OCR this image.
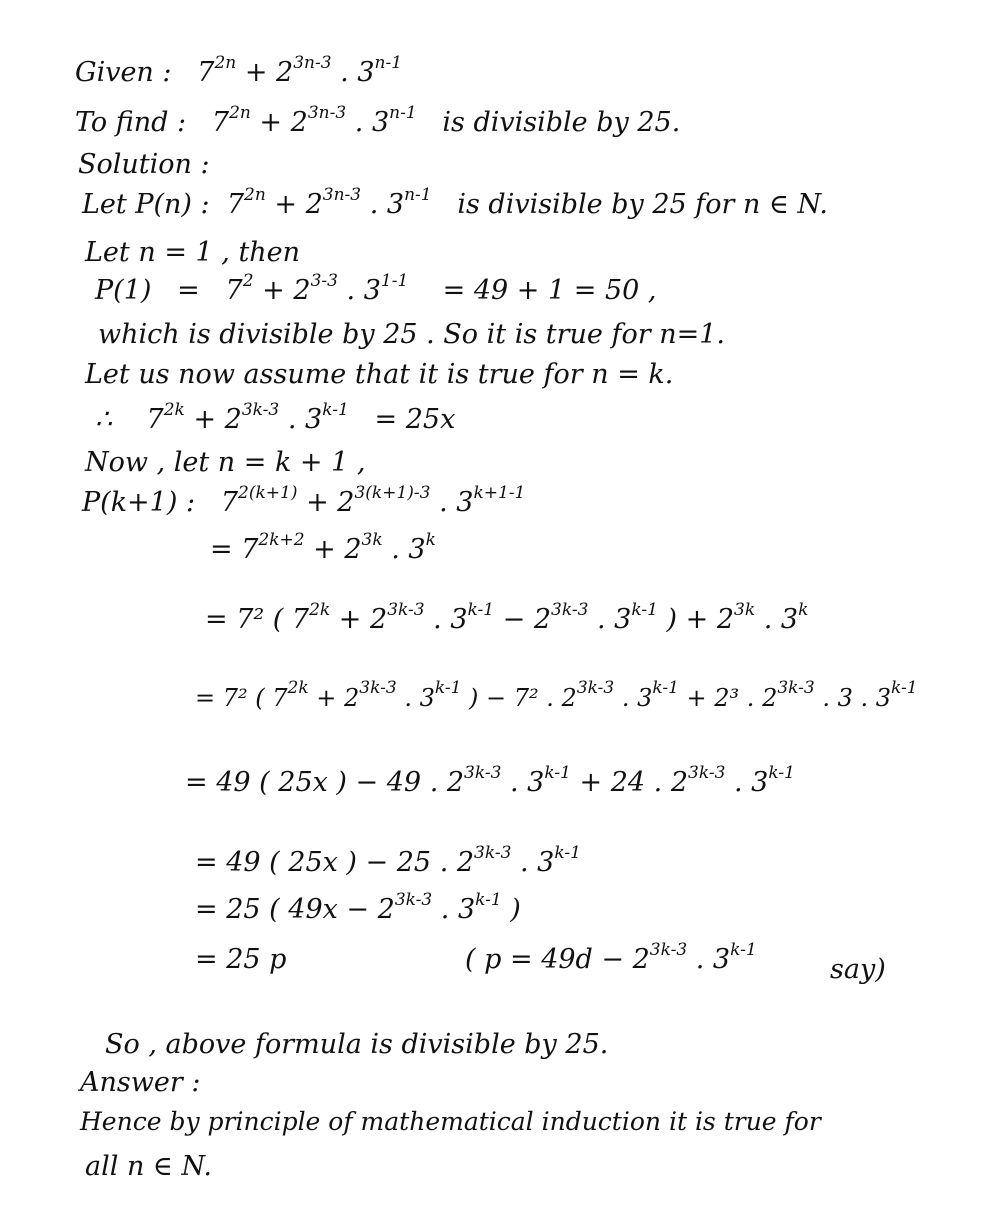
Given : $7^{2n} + 2^{3n-3}$ . 3$^{n-1}$
To find : $7^{2n} + 2^{3n-3}$ . 3$^{n-1}$ is divisible by 25.
Solution :
Let P(n) : $7^{2n} + 2^{3n-3}$ . 3$^{n-1}$ is divisible by 25 for n ∈ N.
Let n = 1 , then
$P(1) = 7^2 + 2^{3-3}$ . $3^{1-1} = 49 + 1 = 50$ ,
which is divisible by 25 . So it is true for n=1.
Let us now assume that it is true for n = k.
∴ $7^{2k} + 2^{3k-3}$ . $3^{k-1} = 25x$
Now , let n = k + 1 ,
P(k+1) : $7^{2(k+1)} + 2^{3(k+1)-3}$ . $3^{k+1-1}$
= $7^{2k+2} + 2^{3k}$ . $3^k$
= 7² ( $7^{2k} + 2^{3k-3}$ . $3^{k-1} - 2^{3k-3}$ . 3$^{k-1}$ ) + $2^{3k}$ . $3^k$
= 7² ( $7^{2k} + 2^{3k-3}$ . 3$^{k-1}$ ) − 7² . $2^{3k-3}$ . $3^{k-1} + 2^3$ . $2^{3k-3}$ . 3 . $3^{k-1}$
= 49 ( 25x ) − 49 . $2^{3k-3}$ . $3^{k-1} + 24$ . $2^{3k-3}$ . $3^{k-1}$
= 49 ( 25x ) − 25 . $2^{3k-3}$ . $3^{k-1}$
= 25 ( $49x - 2^{3k-3}$ . 3$^{k-1}$ )
= 25 p	( $p = 49d - 2^{3k-3}$ . 3$^{k-1}$
say)
So , above formula is divisible by 25.
Answer :
Hence by principle of mathematical induction it is true for
all n ∈ N.
